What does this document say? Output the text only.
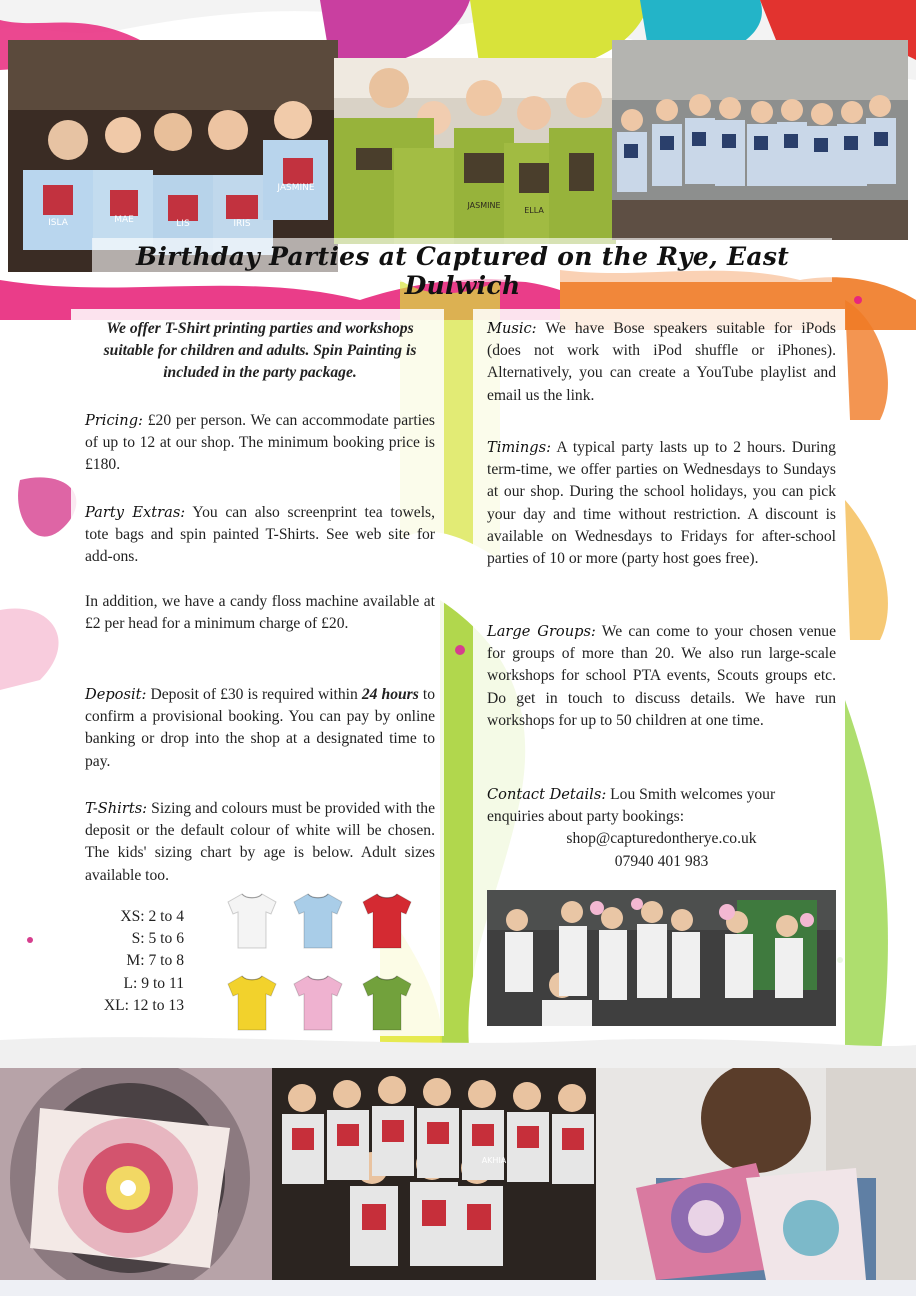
ISLA	MAE	LIS	IRIS
JASMINE
JASMINE
ELLA
Birthday Parties at Captured on the Rye, East Dulwich
We offer T-Shirt printing parties and workshops suitable for children and adults. Spin Painting is included in the party package.
Pricing: £20 per person. We can accommodate parties of up to 12 at our shop. The minimum booking price is £180.
Party Extras: You can also screenprint tea towels, tote bags and spin painted T-Shirts. See web site for add-ons.
In addition, we have a candy floss machine available at £2 per head for a minimum charge of £20.
Deposit: Deposit of £30 is required within 24 hours to confirm a provisional booking. You can pay by online banking or drop into the shop at a designated time to pay.
T-Shirts: Sizing and colours must be provided with the deposit or the default colour of white will be chosen. The kids' sizing chart by age is below. Adult sizes available too.
XS: 2 to 4
S: 5 to 6
M: 7 to 8
L: 9 to 11
XL: 12 to 13
Music: We have Bose speakers suitable for iPods (does not work with iPod shuffle or iPhones). Alternatively, you can create a YouTube playlist and email us the link.
Timings: A typical party lasts up to 2 hours. During term-time, we offer parties on Wednesdays to Sundays at our shop. During the school holidays, you can pick your day and time without restriction. A discount is available on Wednesdays to Fridays for after-school parties of 10 or more (party host goes free).
Large Groups: We can come to your chosen venue for groups of more than 20. We also run large-scale workshops for school PTA events, Scouts groups etc. Do get in touch to discuss details. We have run workshops for up to 50 children at one time.
Contact Details: Lou Smith welcomes your enquiries about party bookings:
shop@capturedontherye.co.uk
07940 401 983
AKHIA
